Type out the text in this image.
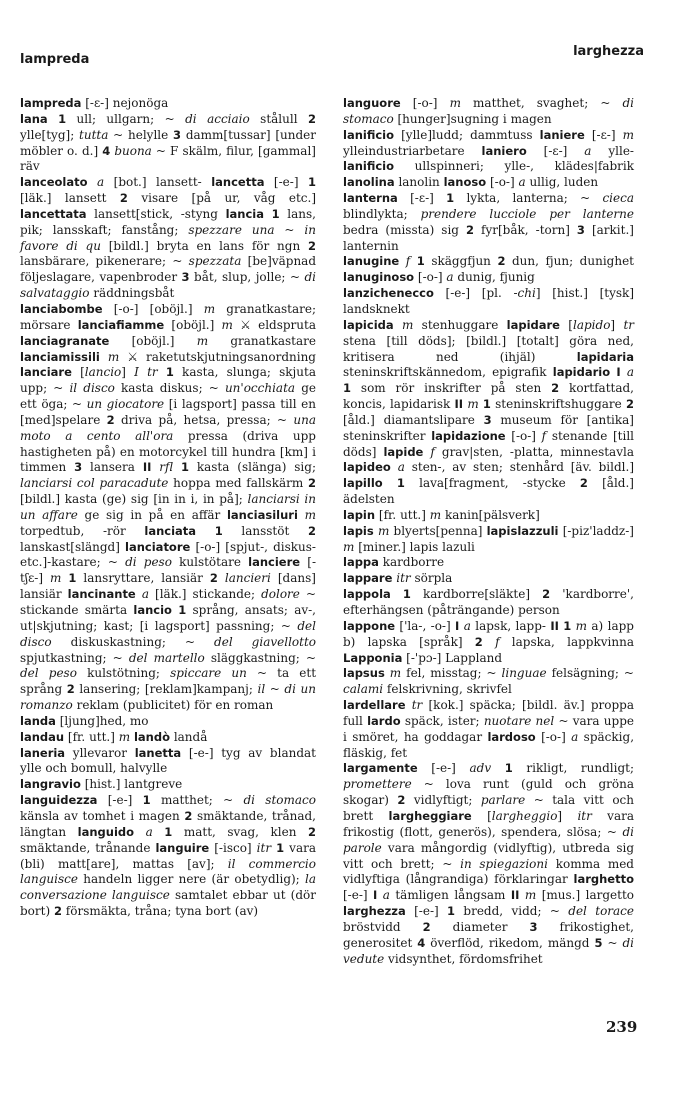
lampreda
larghezza

lampreda [-ɛ-] nejonöga

lana 1 ull; ullgarn; ~ di acciaio stålull 2 ylle[tyg]; tutta ~ helylle 3 damm[tussar] [under möbler o. d.] 4 buona ~ F skälm, filur, [gammal] räv

lanceolato a [bot.] lansett- lancetta [-e-] 1 [läk.] lansett 2 visare [på ur, våg etc.] lancettata lansett[stick, -styng lancia 1 lans, pik; lansskaft; fanstång; spezzare una ~ in favore di qu [bildl.] bryta en lans för ngn 2 lansbärare, pikenerare; ~ spezzata [be]väpnad följeslagare, vapenbroder 3 båt, slup, jolle; ~ di salvataggio räddningsbåt

lanciabombe [-o-] [oböjl.] m granatkastare; mörsare lanciafiamme [oböjl.] m ⚔ eldspruta lanciagranate [oböjl.] m granatkastare lanciamissili m ⚔ raketutskjutningsanordning lanciare [lancio] I tr 1 kasta, slunga; skjuta upp; ~ il disco kasta diskus; ~ un'occhiata ge ett öga; ~ un giocatore [i lagsport] passa till en [med]spelare 2 driva på, hetsa, pressa; ~ una moto a cento all'ora pressa (driva upp hastigheten på) en motorcykel till hundra [km] i timmen 3 lansera II rfl 1 kasta (slänga) sig; lanciarsi col paracadute hoppa med fallskärm 2 [bildl.] kasta (ge) sig [in in i, in på]; lanciarsi in un affare ge sig in på en affär lanciasiluri m torpedtub, -rör lanciata 1 lansstöt 2 lanskast[slängd] lanciatore [-o-] [spjut-, diskus- etc.]-kastare; ~ di peso kulstötare lanciere [-tʃɛ-] m 1 lansryttare, lansiär 2 lancieri [dans] lansiär lancinante a [läk.] stickande; dolore ~ stickande smärta lancio 1 språng, ansats; av-, ut|skjutning; kast; [i lagsport] passning; ~ del disco diskuskastning; ~ del giavellotto spjutkastning; ~ del martello släggkastning; ~ del peso kulstötning; spiccare un ~ ta ett språng 2 lansering; [reklam]kampanj; il ~ di un romanzo reklam (publicitet) för en roman

landa [ljung]hed, mo

landau [fr. utt.] m landò landå

laneria yllevaror lanetta [-e-] tyg av blandat ylle och bomull, halvylle

langravio [hist.] lantgreve

languidezza [-e-] 1 matthet; ~ di stomaco känsla av tomhet i magen 2 smäktande, trånad, längtan languido a 1 matt, svag, klen 2 smäktande, trånande languire [-isco] itr 1 vara (bli) matt[are], mattas [av]; il commercio languisce handeln ligger nere (är obetydlig); la conversazione languisce samtalet ebbar ut (dör bort) 2 försmäkta, tråna; tyna bort (av)

languore [-o-] m matthet, svaghet; ~ di stomaco [hunger]sugning i magen

lanificio [ylle]ludd; dammtuss laniere [-ɛ-] m ylleindustriarbetare laniero [-ɛ-] a ylle- lanificio ullspinneri; ylle-, klädes|fabrik lanolina lanolin lanoso [-o-] a ullig, luden

lanterna [-ɛ-] 1 lykta, lanterna; ~ cieca blindlykta; prendere lucciole per lanterne bedra (missta) sig 2 fyr[båk, -torn] 3 [arkit.] lanternin

lanugine f 1 skäggfjun 2 dun, fjun; dunighet lanuginoso [-o-] a dunig, fjunig

lanzichenecco [-e-] [pl. -chi] [hist.] [tysk] landsknekt

lapicida m stenhuggare lapidare [lapido] tr stena [till döds]; [bildl.] [totalt] göra ned, kritisera ned (ihjäl) lapidaria steninskriftskännedom, epigrafik lapidario I a 1 som rör inskrifter på sten 2 kortfattad, koncis, lapidarisk II m 1 steninskriftshuggare 2 [åld.] diamantslipare 3 museum för [antika] steninskrifter lapidazione [-o-] f stenande [till döds] lapide f grav|sten, -platta, minnestavla lapideo a sten-, av sten; stenhård [äv. bildl.] lapillo 1 lava[fragment, -stycke 2 [åld.] ädelsten

lapin [fr. utt.] m kanin[pälsverk]

lapis m blyerts[penna] lapislazzuli [-piz'laddz-] m [miner.] lapis lazuli

lappa kardborre

lappare itr sörpla

lappola 1 kardborre[släkte] 2 'kardborre', efterhängsen (påträngande) person

lappone ['la-, -o-] I a lapsk, lapp- II 1 m a) lapp b) lapska [språk] 2 f lapska, lappkvinna Lapponia [-'pɔ-] Lappland

lapsus m fel, misstag; ~ linguae felsägning; ~ calami felskrivning, skrivfel

lardellare tr [kok.] späcka; [bildl. äv.] proppa full lardo späck, ister; nuotare nel ~ vara uppe i smöret, ha goddagar lardoso [-o-] a späckig, fläskig, fet

largamente [-e-] adv 1 rikligt, rundligt; promettere ~ lova runt (guld och gröna skogar) 2 vidlyftigt; parlare ~ tala vitt och brett largheggiare [largheggio] itr vara frikostig (flott, generös), spendera, slösa; ~ di parole vara mångordig (vidlyftig), utbreda sig vitt och brett; ~ in spiegazioni komma med vidlyftiga (långrandiga) förklaringar larghetto [-e-] I a tämligen långsam II m [mus.] largetto larghezza [-e-] 1 bredd, vidd; ~ del torace bröstvidd 2 diameter 3 frikostighet, generositet 4 överflöd, rikedom, mängd 5 ~ di vedute vidsynthet, fördomsfrihet

239
